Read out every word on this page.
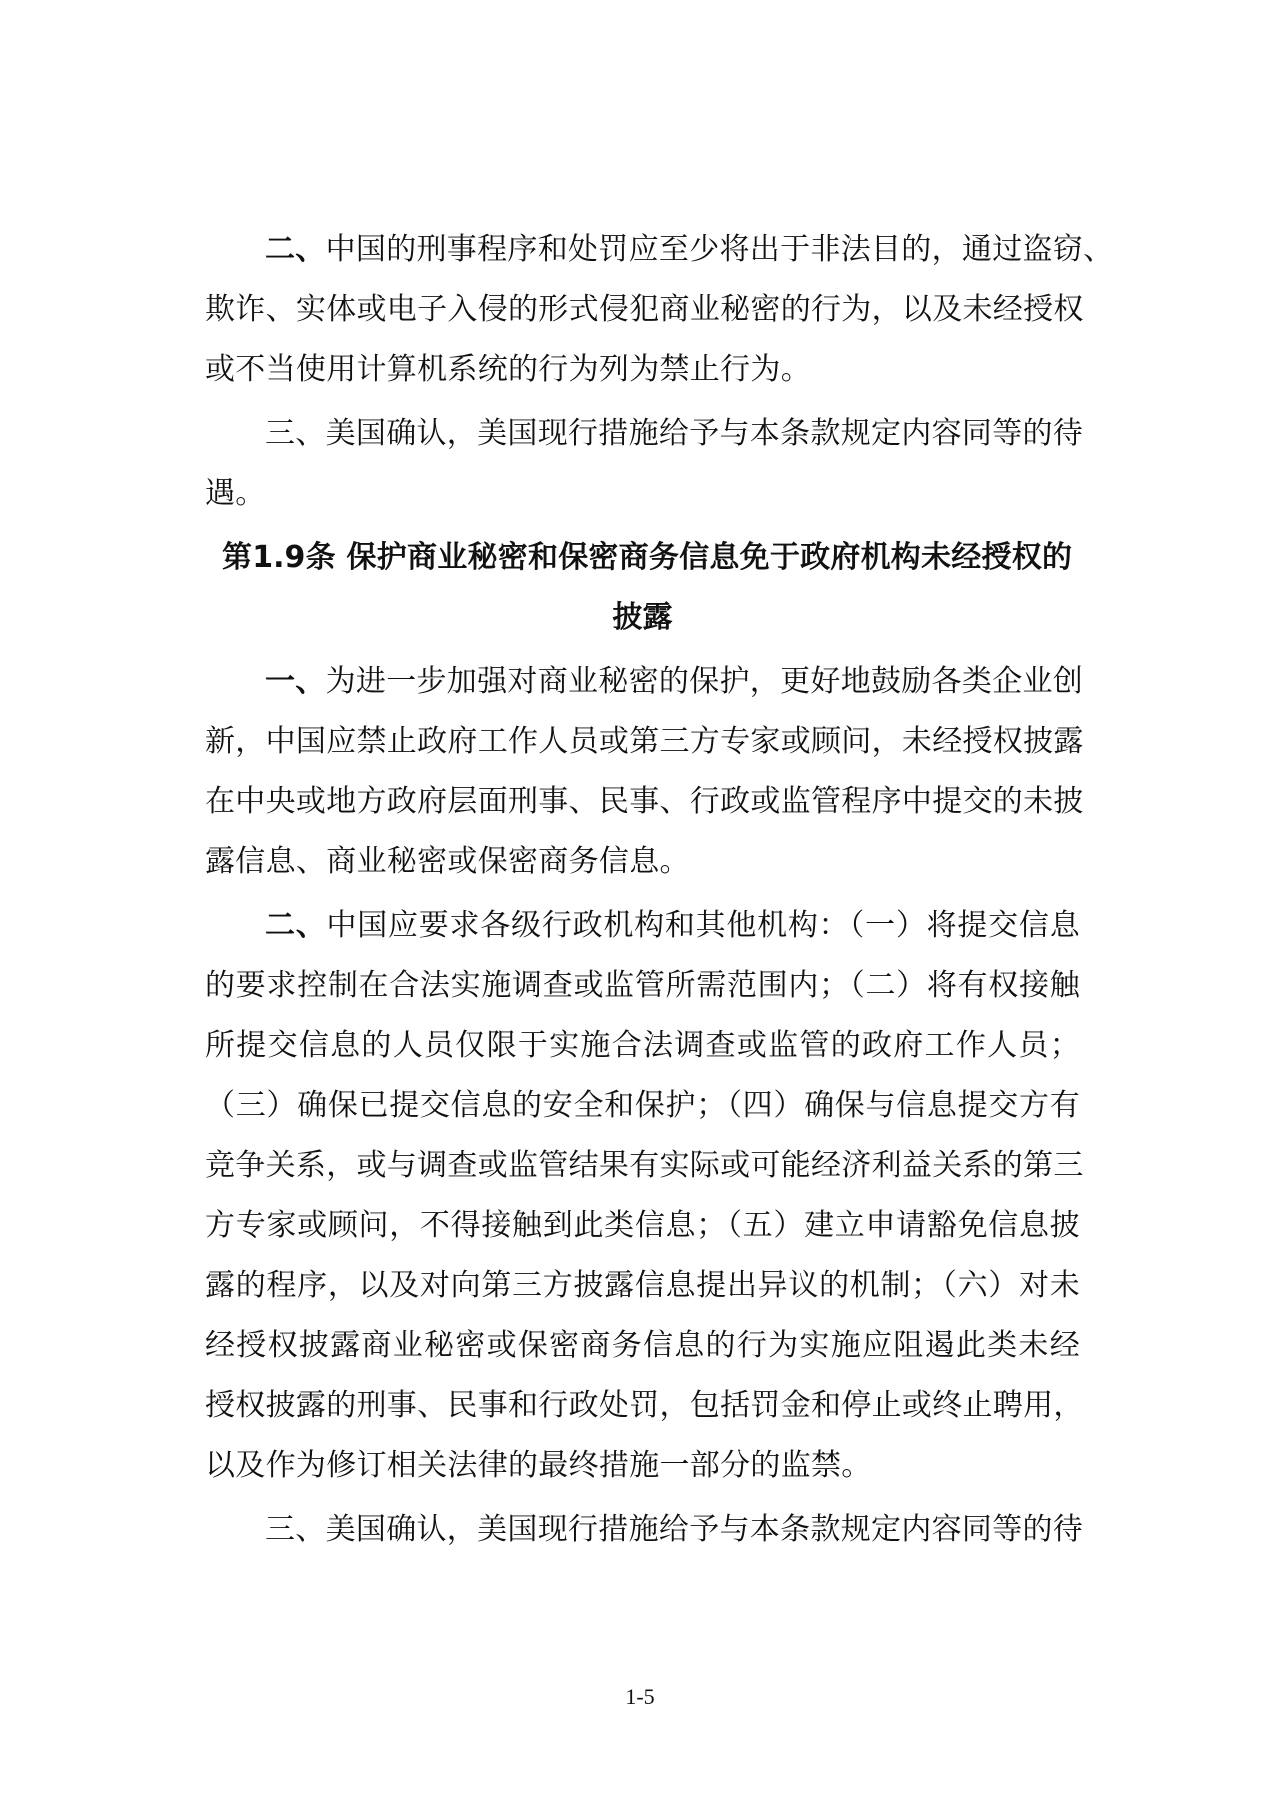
二、中国的刑事程序和处罚应至少将出于非法目的，通过盗窃、
欺诈、实体或电子入侵的形式侵犯商业秘密的行为，以及未经授权
或不当使用计算机系统的行为列为禁止行为。
三、美国确认，美国现行措施给予与本条款规定内容同等的待
遇。
第1.9条 保护商业秘密和保密商务信息免于政府机构未经授权的
披露
一、为进一步加强对商业秘密的保护，更好地鼓励各类企业创
新，中国应禁止政府工作人员或第三方专家或顾问，未经授权披露
在中央或地方政府层面刑事、民事、行政或监管程序中提交的未披
露信息、商业秘密或保密商务信息。
二、中国应要求各级行政机构和其他机构：（一）将提交信息
的要求控制在合法实施调查或监管所需范围内；（二）将有权接触
所提交信息的人员仅限于实施合法调查或监管的政府工作人员；
（三）确保已提交信息的安全和保护；（四）确保与信息提交方有
竞争关系，或与调查或监管结果有实际或可能经济利益关系的第三
方专家或顾问，不得接触到此类信息；（五）建立申请豁免信息披
露的程序，以及对向第三方披露信息提出异议的机制；（六）对未
经授权披露商业秘密或保密商务信息的行为实施应阻遏此类未经
授权披露的刑事、民事和行政处罚，包括罚金和停止或终止聘用，
以及作为修订相关法律的最终措施一部分的监禁。
三、美国确认，美国现行措施给予与本条款规定内容同等的待
1-5
